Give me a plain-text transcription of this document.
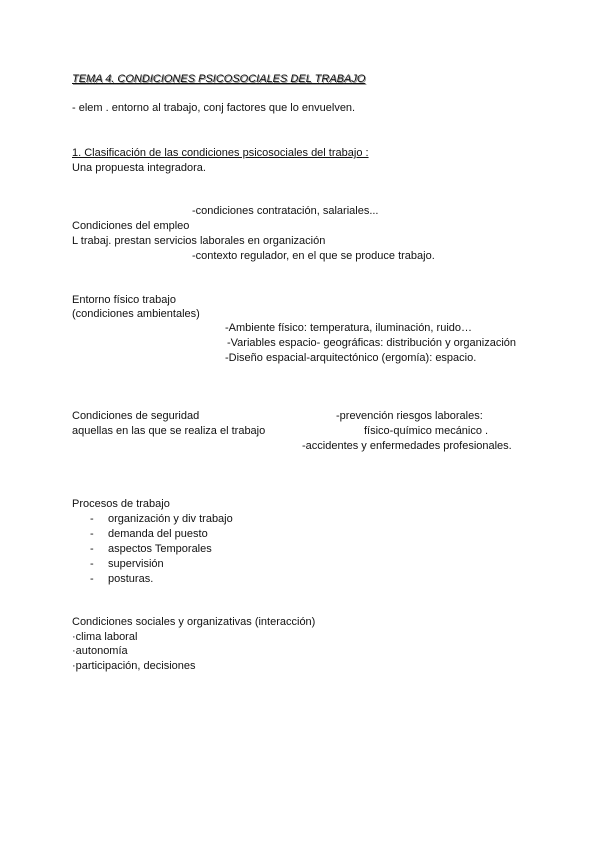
TEMA 4. CONDICIONES PSICOSOCIALES DEL TRABAJO
- elem . entorno al trabajo, conj factores que lo envuelven.
1. Clasificación de las condiciones psicosociales del trabajo :
Una propuesta integradora.
-condiciones contratación, salariales...
Condiciones del empleo
L trabaj. prestan servicios laborales en organización
-contexto regulador, en el que se produce trabajo.
Entorno físico trabajo
(condiciones ambientales)
-Ambiente físico: temperatura, iluminación, ruido…
-Variables espacio- geográficas: distribución y organización
-Diseño espacial-arquitectónico (ergomía): espacio.
Condiciones de seguridad
aquellas en las que se realiza el trabajo
-prevención riesgos laborales:
físico-químico mecánico .
-accidentes y enfermedades profesionales.
Procesos de trabajo
- organización y div trabajo
- demanda del puesto
- aspectos Temporales
- supervisión
- posturas.
Condiciones sociales y organizativas (interacción)
·clima laboral
·autonomía
·participación, decisiones
